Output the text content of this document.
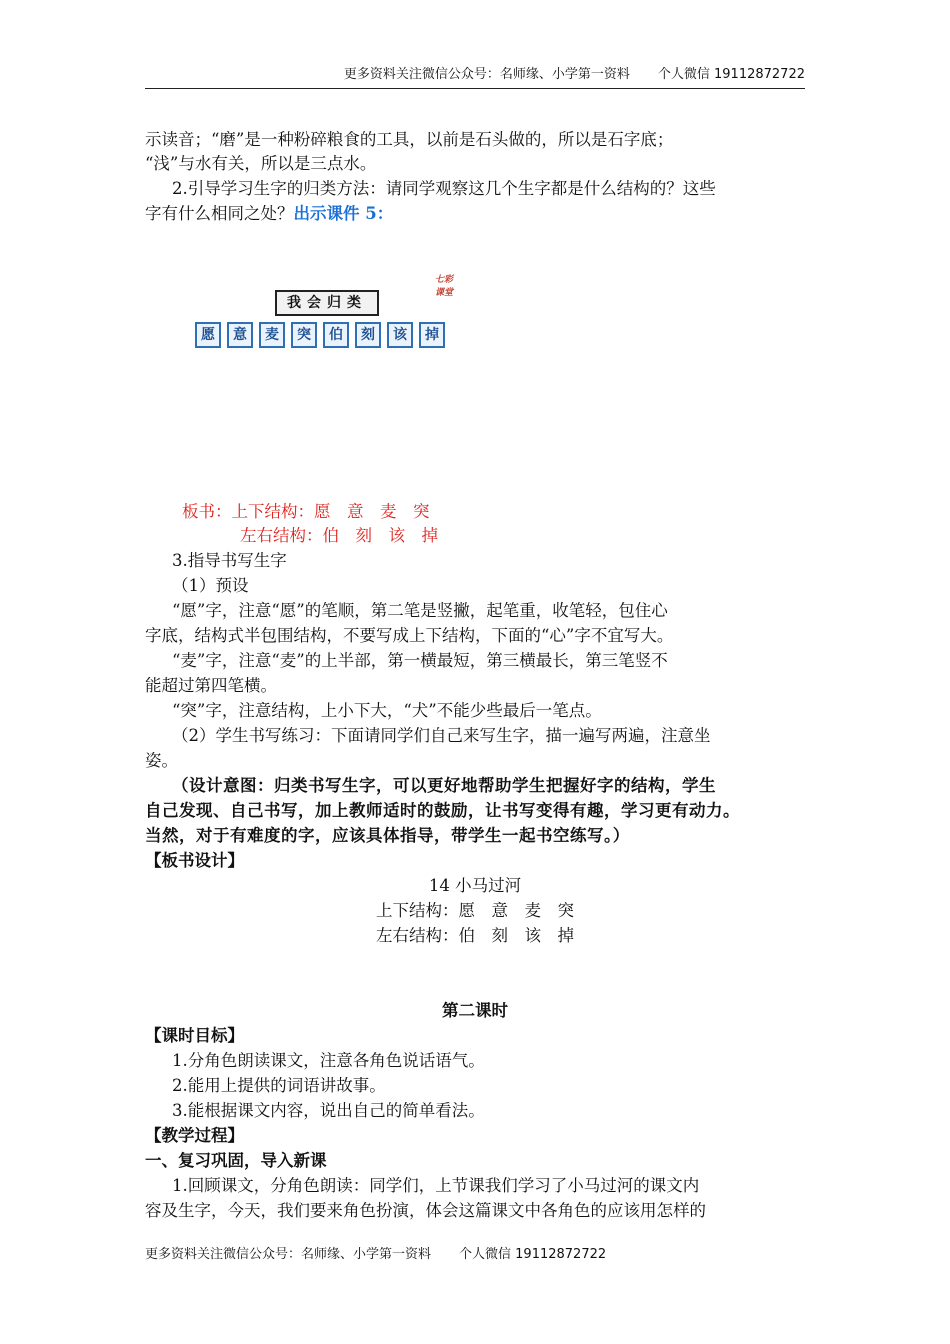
更多资料关注微信公众号：名师缘、小学第一资料 个人微信 19112872722
示读音；“磨”是一种粉碎粮食的工具，以前是石头做的，所以是石字底；
“浅”与水有关，所以是三点水。
2.引导学习生字的归类方法：请同学观察这几个生字都是什么结构的？这些
字有什么相同之处？出示课件 5：
七彩课堂
我会归类
愿	意	麦	突	伯	刻	该	掉
板书：上下结构：愿　意　麦　突
左右结构：伯　刻　该　掉
3.指导书写生字
（1）预设
“愿”字，注意“愿”的笔顺，第二笔是竖撇，起笔重，收笔轻，包住心
字底，结构式半包围结构，不要写成上下结构，下面的“心”字不宜写大。
“麦”字，注意“麦”的上半部，第一横最短，第三横最长，第三笔竖不
能超过第四笔横。
“突”字，注意结构，上小下大，“犬”不能少些最后一笔点。
（2）学生书写练习：下面请同学们自己来写生字，描一遍写两遍，注意坐
姿。
（设计意图：归类书写生字，可以更好地帮助学生把握好字的结构，学生
自己发现、自己书写，加上教师适时的鼓励，让书写变得有趣，学习更有动力。
当然，对于有难度的字，应该具体指导，带学生一起书空练写。）
【板书设计】
14 小马过河
上下结构：愿　意　麦　突
左右结构：伯　刻　该　掉
第二课时
【课时目标】
1.分角色朗读课文，注意各角色说话语气。
2.能用上提供的词语讲故事。
3.能根据课文内容，说出自己的简单看法。
【教学过程】
一、复习巩固，导入新课
1.回顾课文，分角色朗读：同学们，上节课我们学习了小马过河的课文内
容及生字，今天，我们要来角色扮演，体会这篇课文中各角色的应该用怎样的
更多资料关注微信公众号：名师缘、小学第一资料 个人微信 19112872722
